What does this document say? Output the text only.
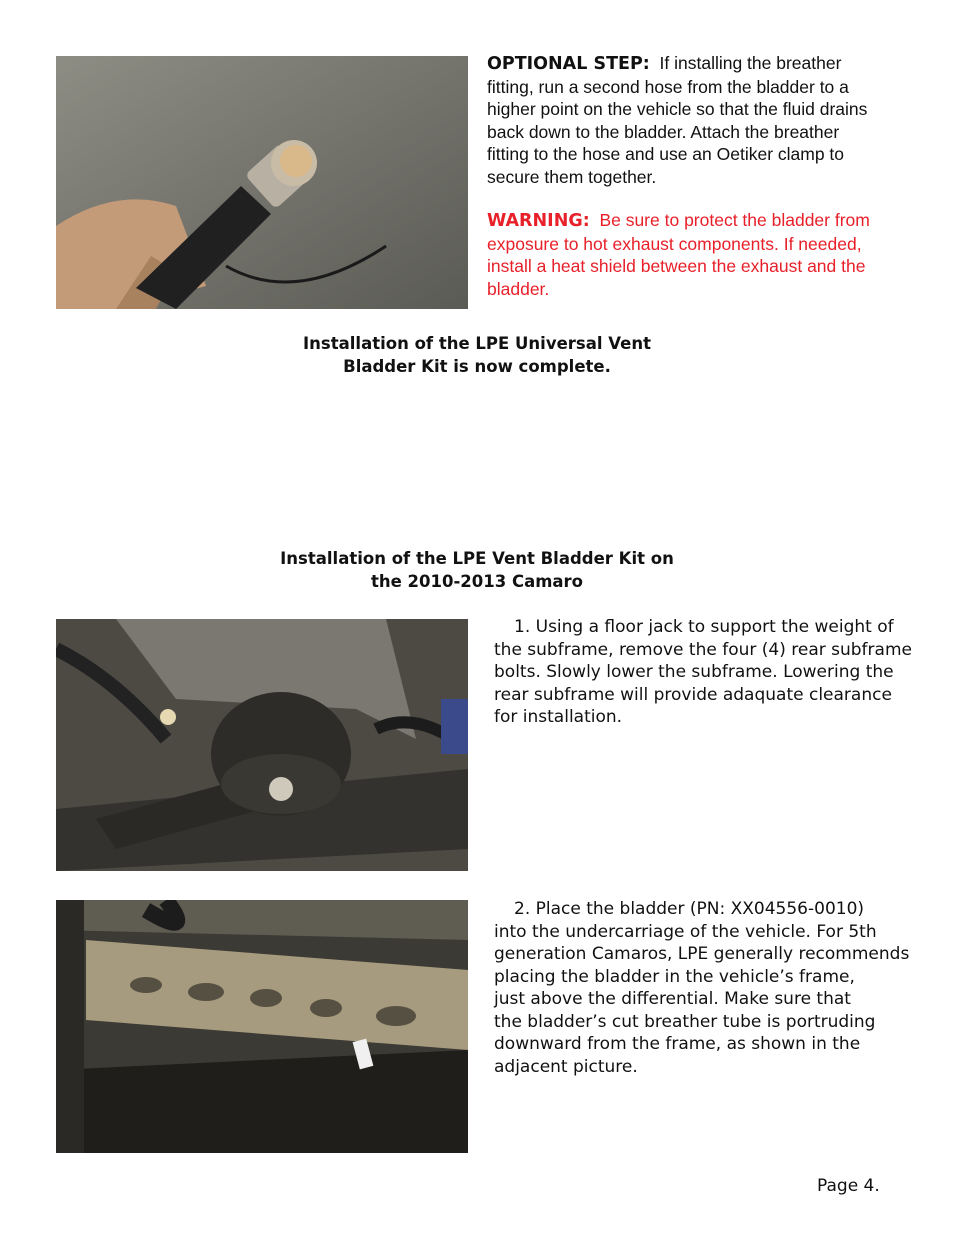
OPTIONAL STEP: If installing the breather
fitting, run a second hose from the bladder to a
higher point on the vehicle so that the fluid drains
back down to the bladder. Attach the breather
fitting to the hose and use an Oetiker clamp to
secure them together.
WARNING: Be sure to protect the bladder from
exposure to hot exhaust components. If needed,
install a heat shield between the exhaust and the
bladder.
Installation of the LPE Universal Vent
Bladder Kit is now complete.
Installation of the LPE Vent Bladder Kit on
the 2010-2013 Camaro
1. Using a floor jack to support the weight of
the subframe, remove the four (4) rear subframe
bolts. Slowly lower the subframe. Lowering the
rear subframe will provide adaquate clearance
for installation.
2. Place the bladder (PN: XX04556-0010)
into the undercarriage of the vehicle. For 5th
generation Camaros, LPE generally recommends
placing the bladder in the vehicle’s frame,
just above the differential. Make sure that
the bladder’s cut breather tube is portruding
downward from the frame, as shown in the
adjacent picture.
Page 4.
